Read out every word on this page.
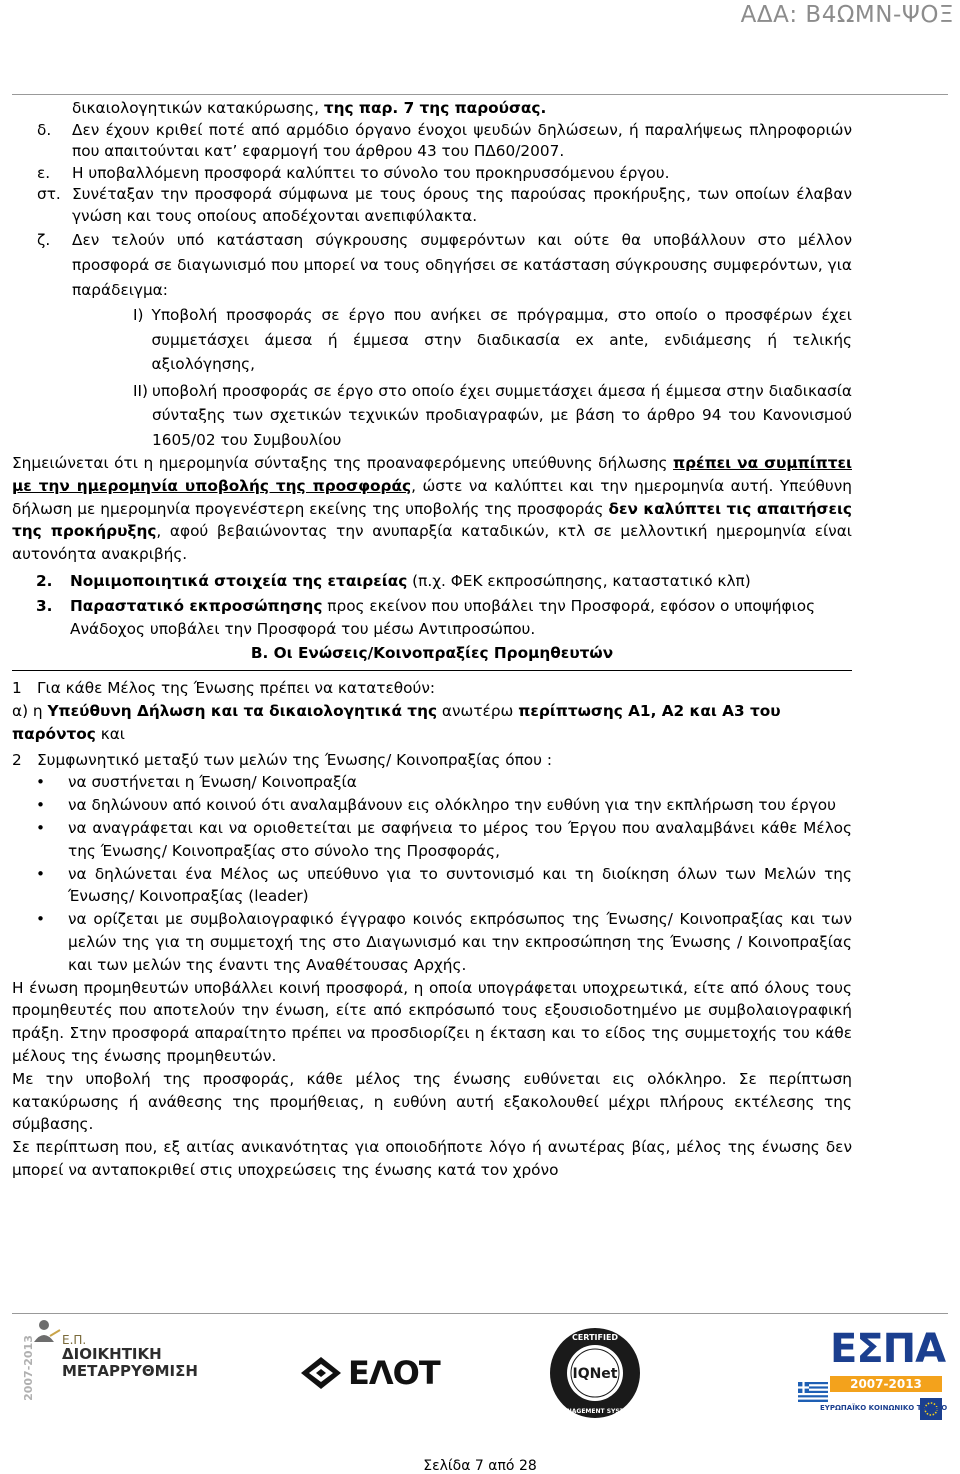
ΑΔΑ: Β4ΩΜΝ-ΨΟΞ
δικαιολογητικών κατακύρωσης, της παρ. 7 της παρούσας.
δ.	Δεν έχουν κριθεί ποτέ από αρμόδιο όργανο ένοχοι ψευδών δηλώσεων, ή παραλήψεως πληροφοριών που απαιτούνται κατ’ εφαρμογή του άρθρου 43 του ΠΔ60/2007.
ε.	Η υποβαλλόμενη προσφορά καλύπτει το σύνολο του προκηρυσσόμενου έργου.
στ. Συνέταξαν την προσφορά σύμφωνα με τους όρους της παρούσας προκήρυξης, των οποίων έλαβαν γνώση και τους οποίους αποδέχονται ανεπιφύλακτα.
ζ.	Δεν τελούν υπό κατάσταση σύγκρουσης συμφερόντων και ούτε θα υποβάλλουν στο μέλλον προσφορά σε διαγωνισμό που μπορεί να τους οδηγήσει σε κατάσταση σύγκρουσης συμφερόντων, για παράδειγμα:
Ι) Υποβολή προσφοράς σε έργο που ανήκει σε πρόγραμμα, στο οποίο ο προσφέρων έχει συμμετάσχει άμεσα ή έμμεσα στην διαδικασία ex ante, ενδιάμεσης ή τελικής αξιολόγησης,
ΙΙ) υποβολή προσφοράς σε έργο στο οποίο έχει συμμετάσχει άμεσα ή έμμεσα στην διαδικασία σύνταξης των σχετικών τεχνικών προδιαγραφών, με βάση το άρθρο 94 του Κανονισμού 1605/02 του Συμβουλίου

Σημειώνεται ότι η ημερομηνία σύνταξης της προαναφερόμενης υπεύθυνης δήλωσης πρέπει να συμπίπτει με την ημερομηνία υποβολής της προσφοράς, ώστε να καλύπτει και την ημερομηνία αυτή. Υπεύθυνη δήλωση με ημερομηνία προγενέστερη εκείνης της υποβολής της προσφοράς δεν καλύπτει τις απαιτήσεις της προκήρυξης, αφού βεβαιώνοντας την ανυπαρξία καταδικών, κτλ σε μελλοντική ημερομηνία είναι αυτονόητα ανακριβής.

2.	Νομιμοποιητικά στοιχεία της εταιρείας (π.χ. ΦΕΚ εκπροσώπησης, καταστατικό κλπ)
3.	Παραστατικό εκπροσώπησης προς εκείνον που υποβάλει την Προσφορά, εφόσον ο υποψήφιος Ανάδοχος υποβάλει την Προσφορά του μέσω Αντιπροσώπου.
Β. Οι Ενώσεις/Κοινοπραξίες Προμηθευτών
1 Για κάθε Μέλος της Ένωσης πρέπει να κατατεθούν:
α) η Υπεύθυνη Δήλωση και τα δικαιολογητικά της ανωτέρω περίπτωσης Α1, Α2 και Α3 του παρόντος και
2 Συμφωνητικό μεταξύ των μελών της Ένωσης/ Κοινοπραξίας όπου :
•	να συστήνεται η Ένωση/ Κοινοπραξία
•	να δηλώνουν από κοινού ότι αναλαμβάνουν εις ολόκληρο την ευθύνη για την εκπλήρωση του έργου
•	να αναγράφεται και να οριοθετείται με σαφήνεια το μέρος του Έργου που αναλαμβάνει κάθε Μέλος της Ένωσης/ Κοινοπραξίας στο σύνολο της Προσφοράς,
•	να δηλώνεται ένα Μέλος ως υπεύθυνο για το συντονισμό και τη διοίκηση όλων των Μελών της Ένωσης/ Κοινοπραξίας (leader)
•	να ορίζεται με συμβολαιογραφικό έγγραφο κοινός εκπρόσωπος της Ένωσης/ Κοινοπραξίας και των μελών της για τη συμμετοχή της στο Διαγωνισμό και την εκπροσώπηση της Ένωσης / Κοινοπραξίας και των μελών της έναντι της Αναθέτουσας Αρχής.

Η ένωση προμηθευτών υποβάλλει κοινή προσφορά, η οποία υπογράφεται υποχρεωτικά, είτε από όλους τους προμηθευτές που αποτελούν την ένωση, είτε από εκπρόσωπό τους εξουσιοδοτημένο με συμβολαιογραφική πράξη. Στην προσφορά απαραίτητο πρέπει να προσδιορίζει η έκταση και το είδος της συμμετοχής του κάθε μέλους της ένωσης προμηθευτών.

Με την υποβολή της προσφοράς, κάθε μέλος της ένωσης ευθύνεται εις ολόκληρο. Σε περίπτωση κατακύρωσης ή ανάθεσης της προμήθειας, η ευθύνη αυτή εξακολουθεί μέχρι πλήρους εκτέλεσης της σύμβασης.

Σε περίπτωση που, εξ αιτίας ανικανότητας για οποιοδήποτε λόγο ή ανωτέρας βίας, μέλος της ένωσης δεν μπορεί να ανταποκριθεί στις υποχρεώσεις της ένωσης κατά τον χρόνο

2007-2013 Ε.Π.
ΔΙΟΙΚΗΤΙΚΗ
ΜΕΤΑΡΡΥΘΜΙΣΗ	ΕΛΟΤ	IQNet
CERTIFIED
MANAGEMENT SYSTEM
ΕΣΠΑ
2007-2013
ΕΥΡΩΠΑΪΚΟ ΚΟΙΝΩΝΙΚΟ ΤΑΜΕΙΟ
Σελίδα 7 από 28
